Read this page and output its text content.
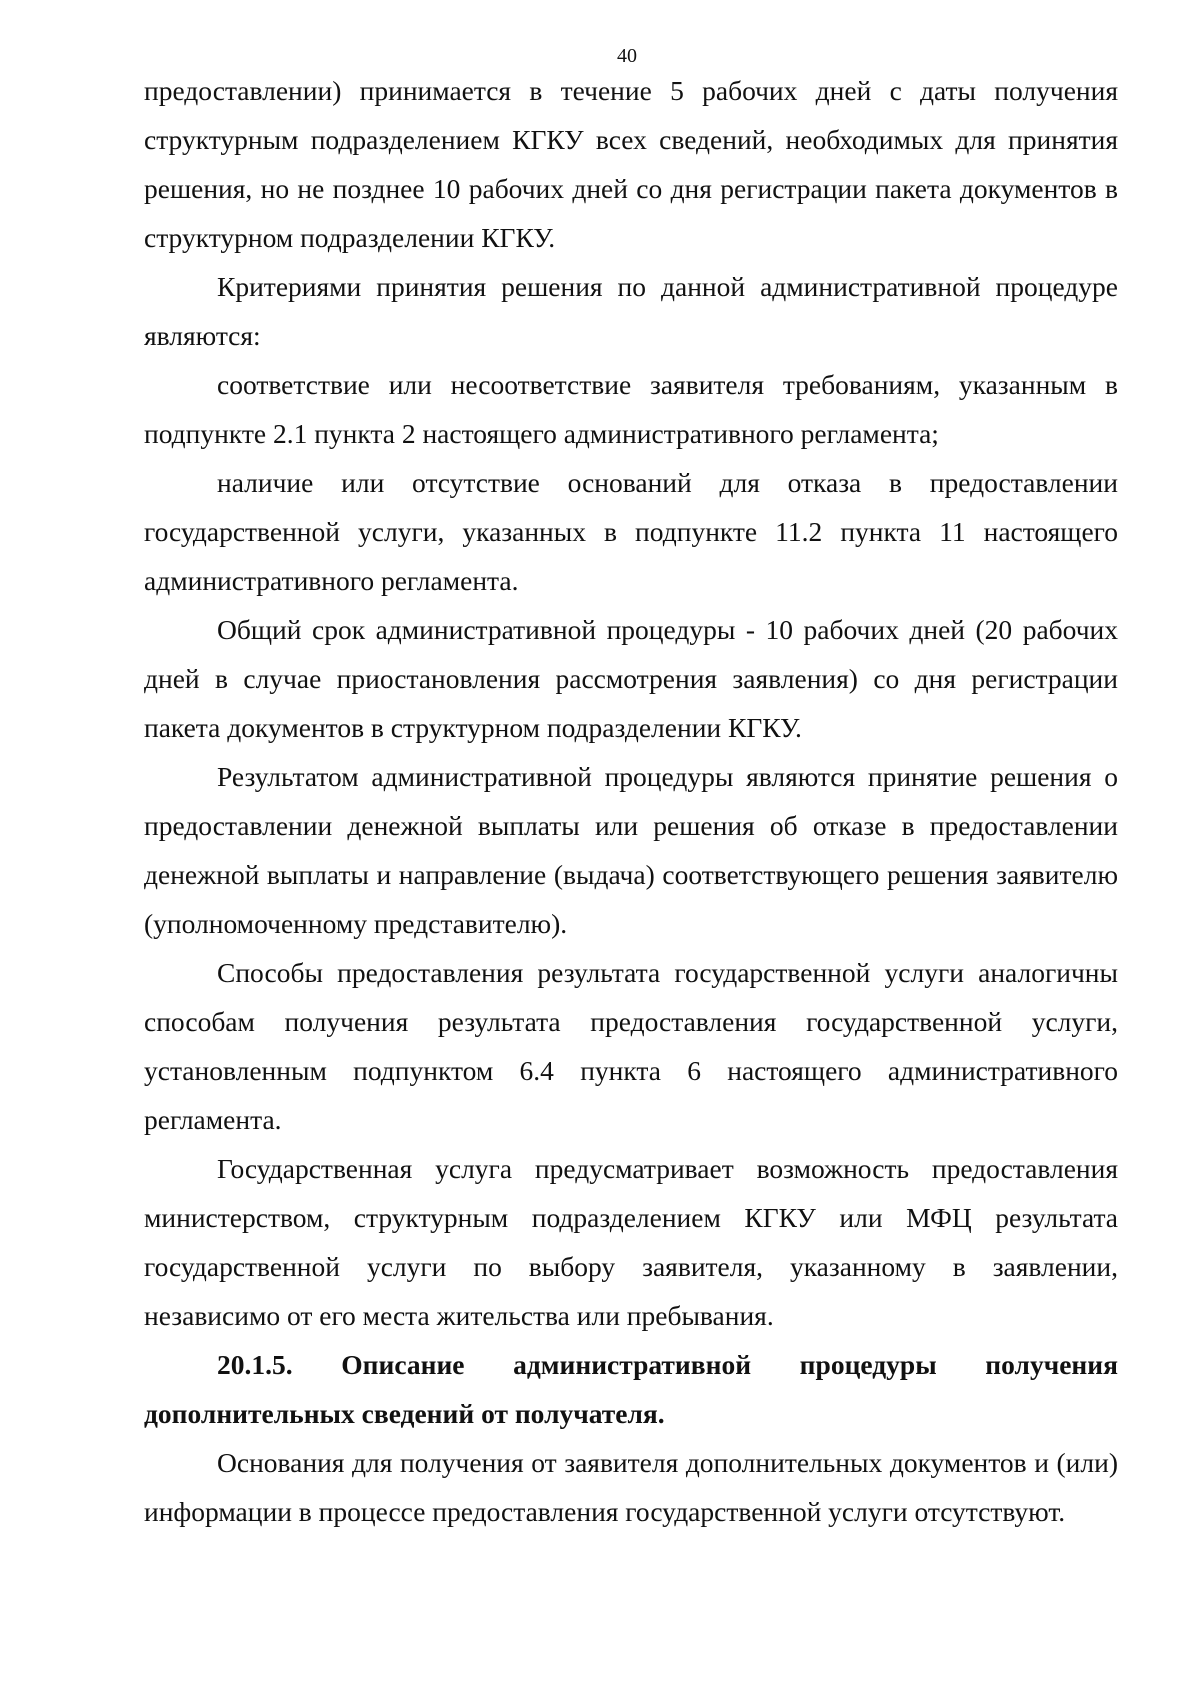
40

предоставлении) принимается в течение 5 рабочих дней с даты получения структурным подразделением КГКУ всех сведений, необходимых для принятия решения, но не позднее 10 рабочих дней со дня регистрации пакета документов в структурном подразделении КГКУ.

Критериями принятия решения по данной административной процедуре являются:

соответствие или несоответствие заявителя требованиям, указанным в подпункте 2.1 пункта 2 настоящего административного регламента;

наличие или отсутствие оснований для отказа в предоставлении государственной услуги, указанных в подпункте 11.2 пункта 11 настоящего административного регламента.

Общий срок административной процедуры - 10 рабочих дней (20 рабочих дней в случае приостановления рассмотрения заявления) со дня регистрации пакета документов в структурном подразделении КГКУ.

Результатом административной процедуры являются принятие решения о предоставлении денежной выплаты или решения об отказе в предоставлении денежной выплаты и направление (выдача) соответствующего решения заявителю (уполномоченному представителю).

Способы предоставления результата государственной услуги аналогичны способам получения результата предоставления государственной услуги, установленным подпунктом 6.4 пункта 6 настоящего административного регламента.

Государственная услуга предусматривает возможность предоставления министерством, структурным подразделением КГКУ или МФЦ результата государственной услуги по выбору заявителя, указанному в заявлении, независимо от его места жительства или пребывания.

20.1.5. Описание административной процедуры получения дополнительных сведений от получателя.

Основания для получения от заявителя дополнительных документов и (или) информации в процессе предоставления государственной услуги отсутствуют.
